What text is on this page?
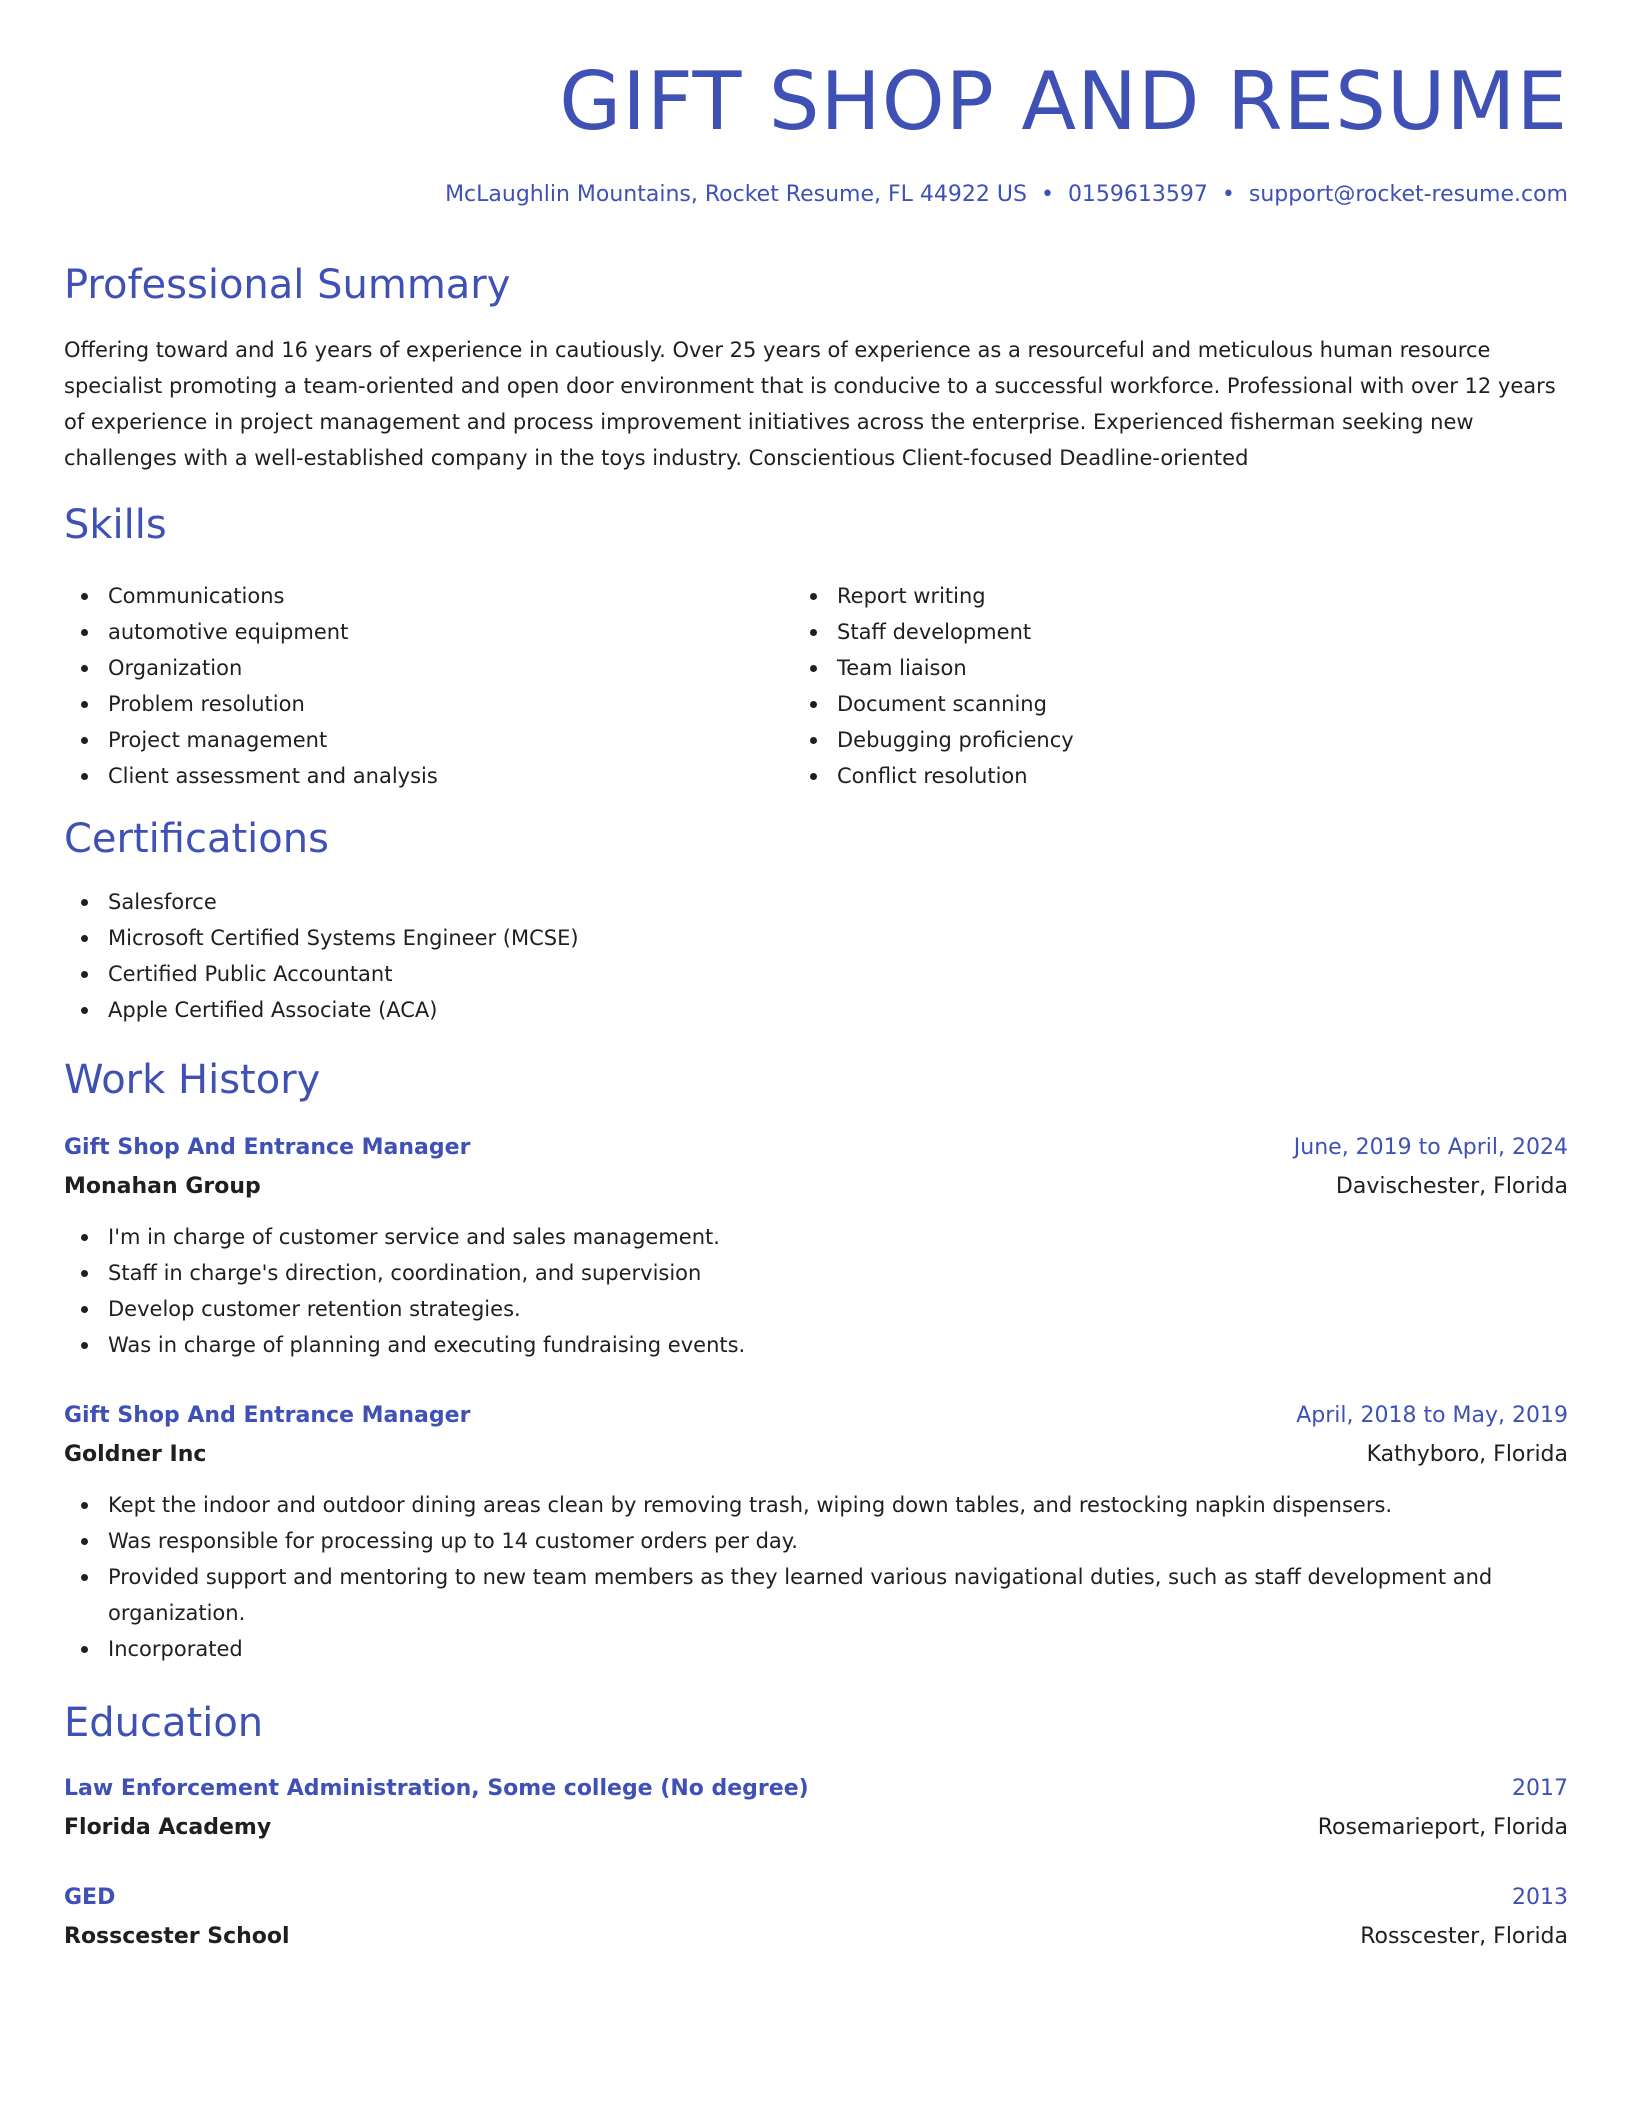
GIFT SHOP AND RESUME
McLaughlin Mountains, Rocket Resume, FL 44922 US • 0159613597 • support@rocket-resume.com
Professional Summary

Offering toward and 16 years of experience in cautiously. Over 25 years of experience as a resourceful and meticulous human resource specialist promoting a team-oriented and open door environment that is conducive to a successful workforce. Professional with over 12 years of experience in project management and process improvement initiatives across the enterprise. Experienced fisherman seeking new challenges with a well-established company in the toys industry. Conscientious Client-focused Deadline-oriented

Skills
Communications
automotive equipment
Organization
Problem resolution
Project management
Client assessment and analysis
Report writing
Staff development
Team liaison
Document scanning
Debugging proficiency
Conflict resolution
Certifications
Salesforce
Microsoft Certified Systems Engineer (MCSE)
Certified Public Accountant
Apple Certified Associate (ACA)
Work History
Gift Shop And Entrance Manager	June, 2019 to April, 2024
Monahan Group	Davischester, Florida
I'm in charge of customer service and sales management.
Staff in charge's direction, coordination, and supervision
Develop customer retention strategies.
Was in charge of planning and executing fundraising events.
Gift Shop And Entrance Manager	April, 2018 to May, 2019
Goldner Inc	Kathyboro, Florida
Kept the indoor and outdoor dining areas clean by removing trash, wiping down tables, and restocking napkin dispensers.
Was responsible for processing up to 14 customer orders per day.
Provided support and mentoring to new team members as they learned various navigational duties, such as staff development and organization.
Incorporated
Education
Law Enforcement Administration, Some college (No degree)	2017
Florida Academy	Rosemarieport, Florida
GED	2013
Rosscester School	Rosscester, Florida
